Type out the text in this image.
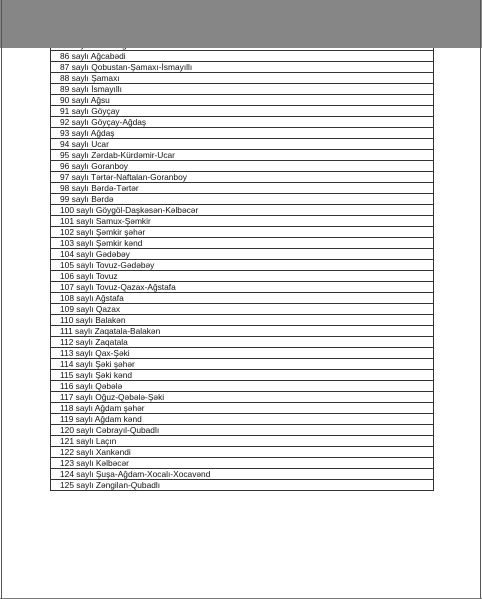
86 saylı Ağcabədi
87 saylı Qobustan-Şamaxı-İsmayıllı
88 saylı Şamaxı
89 saylı İsmayıllı
90 saylı Ağsu
91 saylı Göyçay
92 saylı Göyçay-Ağdaş
93 saylı Ağdaş
94 saylı Ucar
95 saylı Zərdab-Kürdəmir-Ucar
96 saylı Goranboy
97 saylı Tərtər-Naftalan-Goranboy
98 saylı Bərdə-Tərtər
99 saylı Bərdə
100 saylı Göygöl-Daşkəsən-Kəlbəcər
101 saylı Samux-Şəmkir
102 saylı Şəmkir şəhər
103 saylı Şəmkir kənd
104 saylı Gədəbəy
105 saylı Tovuz-Gədəbəy
106 saylı Tovuz
107 saylı Tovuz-Qazax-Ağstafa
108 saylı Ağstafa
109 saylı Qazax
110 saylı Balakən
111 saylı Zaqatala-Balakən
112 saylı Zaqatala
113 saylı Qax-Şəki
114 saylı Şəki şəhər
115 saylı Şəki kənd
116 saylı Qəbələ
117 saylı Oğuz-Qəbələ-Şəki
118 saylı Ağdam şəhər
119 saylı Ağdam kənd
120 saylı Cəbrayıl-Qubadlı
121 saylı Laçın
122 saylı Xankəndi
123 saylı Kəlbəcər
124 saylı Şuşa-Ağdam-Xocalı-Xocavənd
125 saylı Zəngilan-Qubadlı
